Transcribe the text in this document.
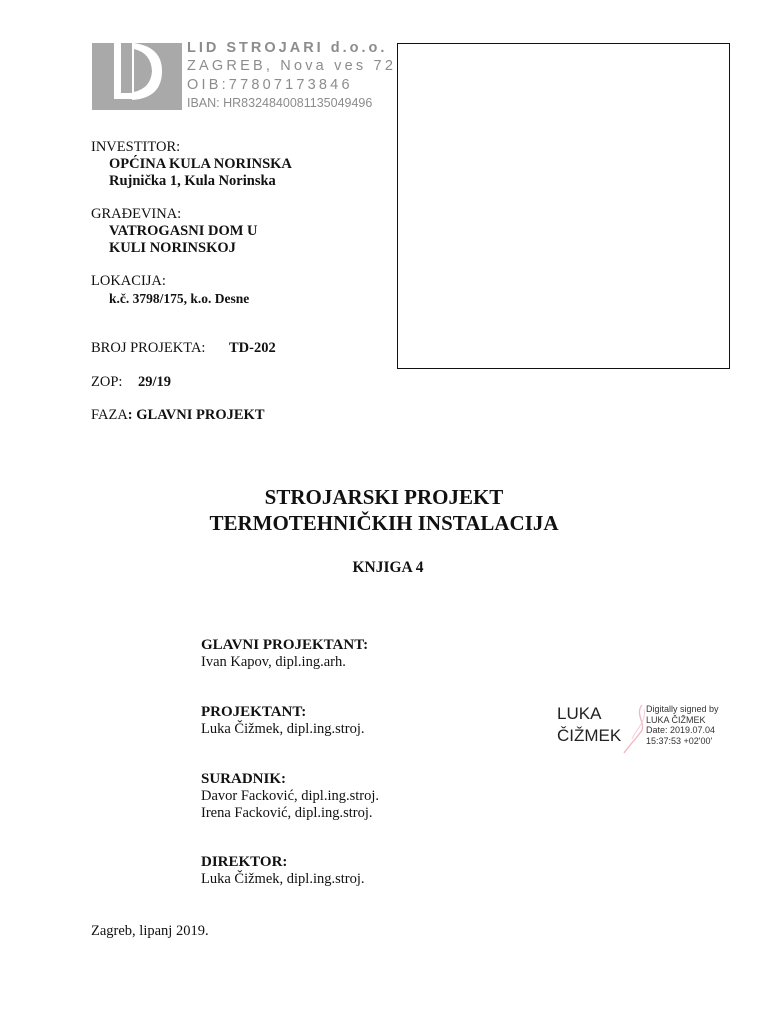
LID STROJARI d.o.o.
ZAGREB, Nova ves 72
OIB:77807173846
IBAN: HR8324840081135049496
INVESTITOR:
OPĆINA KULA NORINSKA
Rujnička 1, Kula Norinska
GRAĐEVINA:
VATROGASNI DOM U
KULI NORINSKOJ
LOKACIJA:
k.č. 3798/175, k.o. Desne
BROJ PROJEKTA: TD-202
ZOP: 29/19
FAZA: GLAVNI PROJEKT
STROJARSKI PROJEKT
TERMOTEHNIČKIH INSTALACIJA
KNJIGA 4
GLAVNI PROJEKTANT:
Ivan Kapov, dipl.ing.arh.
PROJEKTANT:
Luka Čižmek, dipl.ing.stroj.
SURADNIK:
Davor Facković, dipl.ing.stroj.
Irena Facković, dipl.ing.stroj.
DIREKTOR:
Luka Čižmek, dipl.ing.stroj.
LUKA
ČIŽMEK
Digitally signed by
LUKA ČIŽMEK
Date: 2019.07.04
15:37:53 +02'00'
Zagreb, lipanj 2019.
